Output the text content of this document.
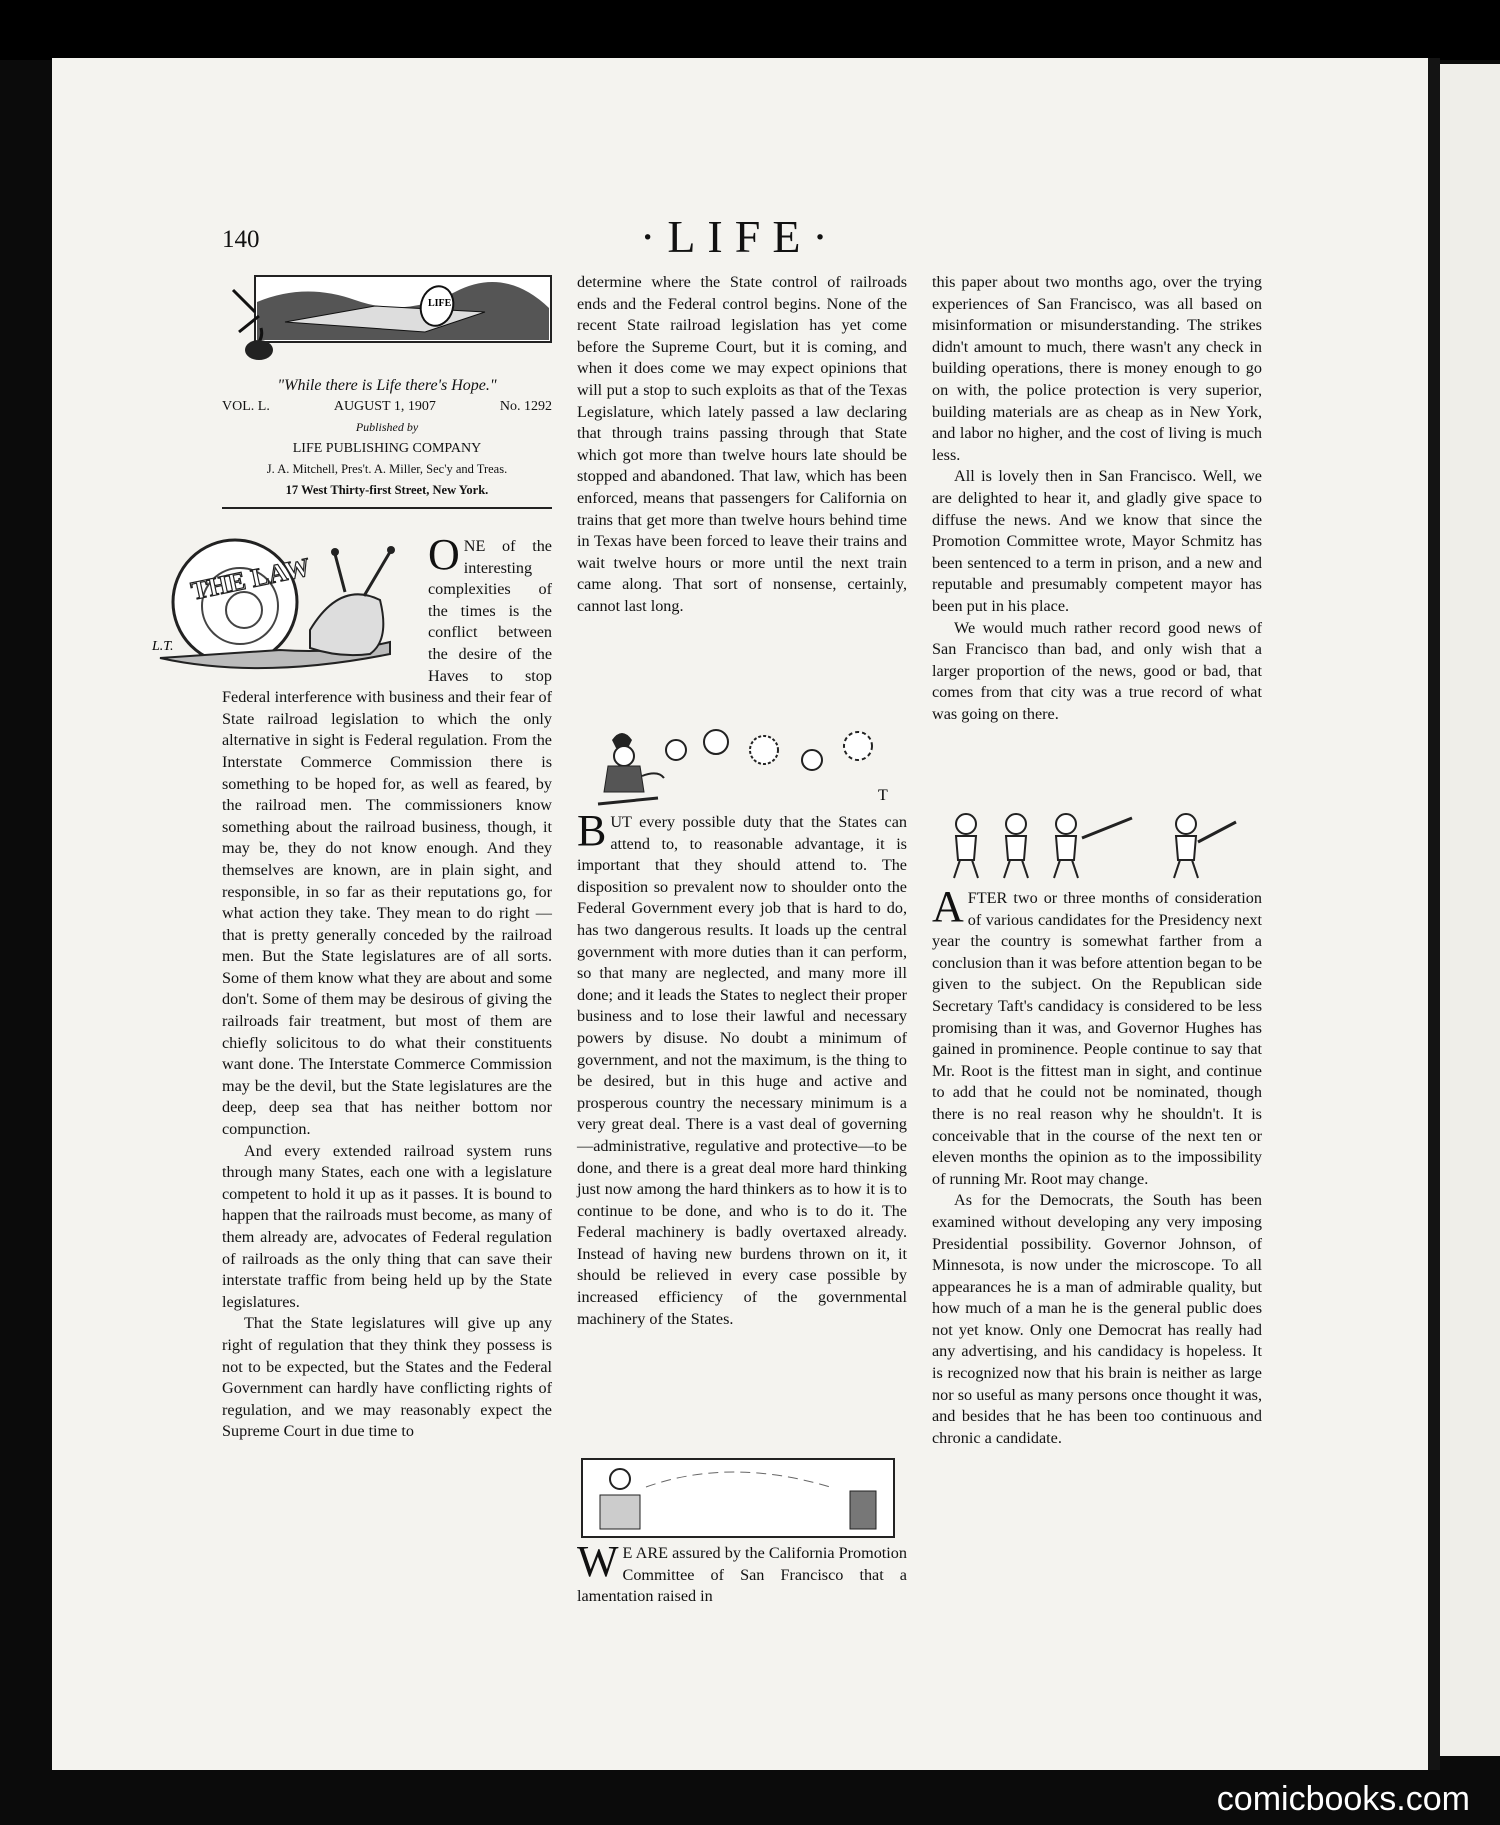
140	·LIFE·
LIFE
"While there is Life there's Hope."
VOL. L.	AUGUST 1, 1907	No. 1292
Published by
LIFE PUBLISHING COMPANY
J. A. Mitchell, Pres't. A. Miller, Sec'y and Treas.
17 West Thirty-first Street, New York.
THE LAW
L.T.

ONE of the interesting complexities of the times is the conflict between the desire of the Haves to stop Federal interference with business and their fear of State railroad legislation to which the only alternative in sight is Federal regulation. From the Interstate Commerce Commission there is something to be hoped for, as well as feared, by the railroad men. The commissioners know something about the railroad business, though, it may be, they do not know enough. And they themselves are known, are in plain sight, and responsible, in so far as their reputations go, for what action they take. They mean to do right —that is pretty generally conceded by the railroad men. But the State legislatures are of all sorts. Some of them know what they are about and some don't. Some of them may be desirous of giving the railroads fair treatment, but most of them are chiefly solicitous to do what their constituents want done. The Interstate Commerce Commission may be the devil, but the State legislatures are the deep, deep sea that has neither bottom nor compunction.

And every extended railroad system runs through many States, each one with a legislature competent to hold it up as it passes. It is bound to happen that the railroads must become, as many of them already are, advocates of Federal regulation of railroads as the only thing that can save their interstate traffic from being held up by the State legislatures.

That the State legislatures will give up any right of regulation that they think they possess is not to be expected, but the States and the Federal Government can hardly have conflicting rights of regulation, and we may reasonably expect the Supreme Court in due time to

determine where the State control of railroads ends and the Federal control begins. None of the recent State railroad legislation has yet come before the Supreme Court, but it is coming, and when it does come we may expect opinions that will put a stop to such exploits as that of the Texas Legislature, which lately passed a law declaring that through trains passing through that State which got more than twelve hours late should be stopped and abandoned. That law, which has been enforced, means that passengers for California on trains that get more than twelve hours behind time in Texas have been forced to leave their trains and wait twelve hours or more until the next train came along. That sort of nonsense, certainly, cannot last long.

T

BUT every possible duty that the States can attend to, to reasonable advantage, it is important that they should attend to. The disposition so prevalent now to shoulder onto the Federal Government every job that is hard to do, has two dangerous results. It loads up the central government with more duties than it can perform, so that many are neglected, and many more ill done; and it leads the States to neglect their proper business and to lose their lawful and necessary powers by disuse. No doubt a minimum of government, and not the maximum, is the thing to be desired, but in this huge and active and prosperous country the necessary minimum is a very great deal. There is a vast deal of governing—administrative, regulative and protective—to be done, and there is a great deal more hard thinking just now among the hard thinkers as to how it is to continue to be done, and who is to do it. The Federal machinery is badly overtaxed already. Instead of having new burdens thrown on it, it should be relieved in every case possible by increased efficiency of the governmental machinery of the States.

W E ARE assured by the California Promotion Committee of San Francisco that a lamentation raised in

this paper about two months ago, over the trying experiences of San Francisco, was all based on misinformation or misunderstanding. The strikes didn't amount to much, there wasn't any check in building operations, there is money enough to go on with, the police protection is very superior, building materials are as cheap as in New York, and labor no higher, and the cost of living is much less.

All is lovely then in San Francisco. Well, we are delighted to hear it, and gladly give space to diffuse the news. And we know that since the Promotion Committee wrote, Mayor Schmitz has been sentenced to a term in prison, and a new and reputable and presumably competent mayor has been put in his place.

We would much rather record good news of San Francisco than bad, and only wish that a larger proportion of the news, good or bad, that comes from that city was a true record of what was going on there.

AFTER two or three months of consideration of various candidates for the Presidency next year the country is somewhat farther from a conclusion than it was before attention began to be given to the subject. On the Republican side Secretary Taft's candidacy is considered to be less promising than it was, and Governor Hughes has gained in prominence. People continue to say that Mr. Root is the fittest man in sight, and continue to add that he could not be nominated, though there is no real reason why he shouldn't. It is conceivable that in the course of the next ten or eleven months the opinion as to the impossibility of running Mr. Root may change.

As for the Democrats, the South has been examined without developing any very imposing Presidential possibility. Governor Johnson, of Minnesota, is now under the microscope. To all appearances he is a man of admirable quality, but how much of a man he is the general public does not yet know. Only one Democrat has really had any advertising, and his candidacy is hopeless. It is recognized now that his brain is neither as large nor so useful as many persons once thought it was, and besides that he has been too continuous and chronic a candidate.

comicbooks.com
